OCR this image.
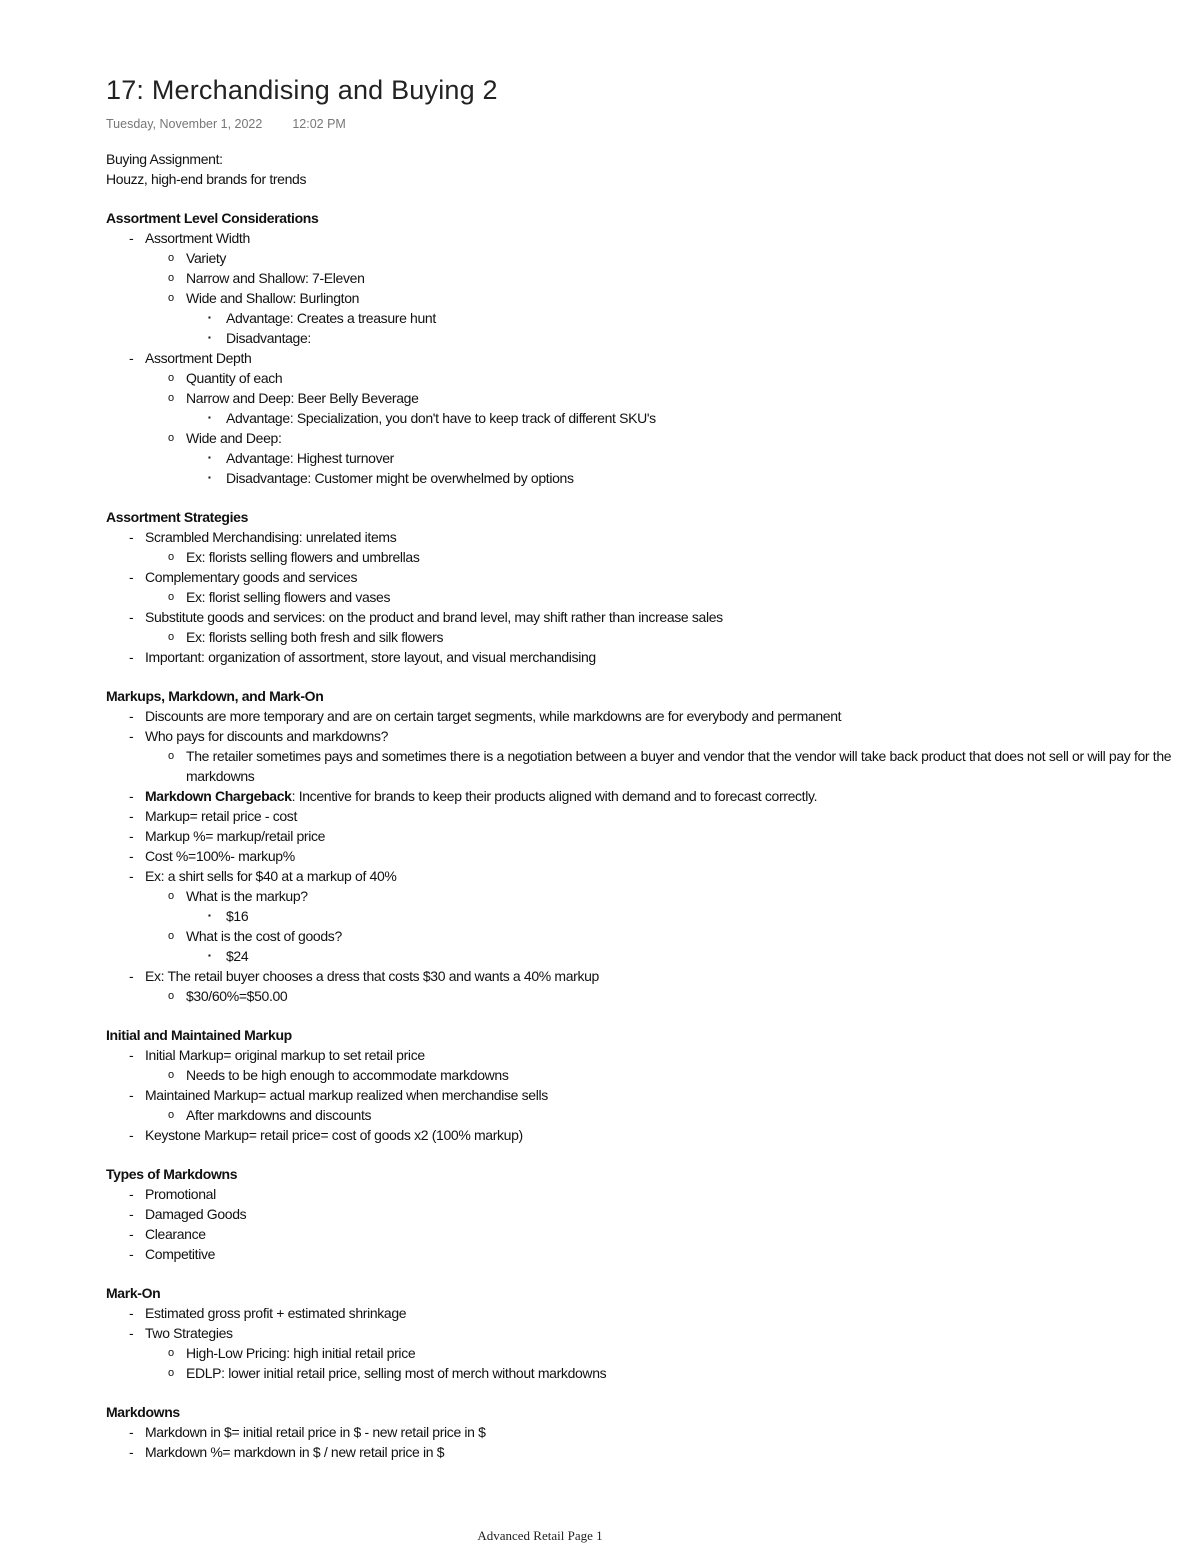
17: Merchandising and Buying 2
Tuesday, November 1, 2022 12:02 PM
Buying Assignment:
Houzz, high-end brands for trends
Assortment Level Considerations
- Assortment Width
o Variety
o Narrow and Shallow: 7-Eleven
o Wide and Shallow: Burlington
▪ Advantage: Creates a treasure hunt
▪ Disadvantage:
- Assortment Depth
o Quantity of each
o Narrow and Deep: Beer Belly Beverage
▪ Advantage: Specialization, you don't have to keep track of different SKU's
o Wide and Deep:
▪ Advantage: Highest turnover
▪ Disadvantage: Customer might be overwhelmed by options
Assortment Strategies
- Scrambled Merchandising: unrelated items
o Ex: florists selling flowers and umbrellas
- Complementary goods and services
o Ex: florist selling flowers and vases
- Substitute goods and services: on the product and brand level, may shift rather than increase sales
o Ex: florists selling both fresh and silk flowers
- Important: organization of assortment, store layout, and visual merchandising
Markups, Markdown, and Mark-On
- Discounts are more temporary and are on certain target segments, while markdowns are for everybody and permanent
- Who pays for discounts and markdowns?
o The retailer sometimes pays and sometimes there is a negotiation between a buyer and vendor that the vendor will take back product that does not sell or will pay for the markdowns
- Markdown Chargeback: Incentive for brands to keep their products aligned with demand and to forecast correctly.
- Markup= retail price - cost
- Markup %= markup/retail price
- Cost %=100%- markup%
- Ex: a shirt sells for $40 at a markup of 40%
o What is the markup?
▪ $16
o What is the cost of goods?
▪ $24
- Ex: The retail buyer chooses a dress that costs $30 and wants a 40% markup
o $30/60%=$50.00
Initial and Maintained Markup
- Initial Markup= original markup to set retail price
o Needs to be high enough to accommodate markdowns
- Maintained Markup= actual markup realized when merchandise sells
o After markdowns and discounts
- Keystone Markup= retail price= cost of goods x2 (100% markup)
Types of Markdowns
- Promotional
- Damaged Goods
- Clearance
- Competitive
Mark-On
- Estimated gross profit + estimated shrinkage
- Two Strategies
o High-Low Pricing: high initial retail price
o EDLP: lower initial retail price, selling most of merch without markdowns
Markdowns
- Markdown in $= initial retail price in $ - new retail price in $
- Markdown %= markdown in $ / new retail price in $
Advanced Retail Page 1
